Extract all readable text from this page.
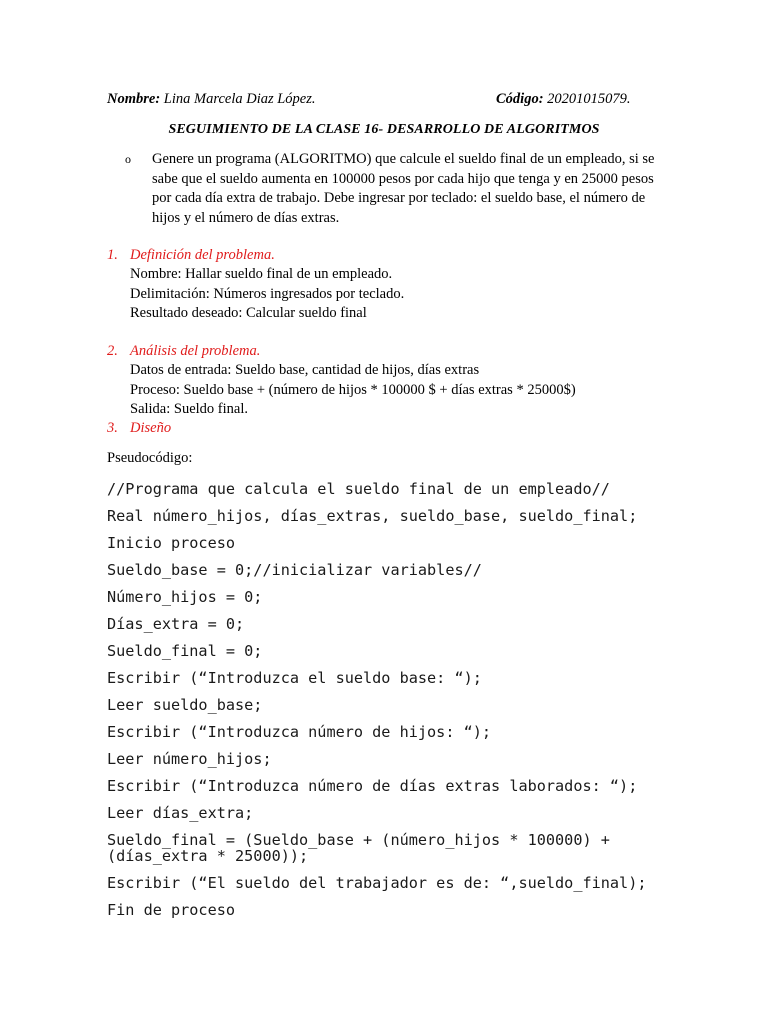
Nombre: Lina Marcela Diaz López.	Código: 20201015079.
SEGUIMIENTO DE LA CLASE 16- DESARROLLO DE ALGORITMOS
o Genere un programa (ALGORITMO) que calcule el sueldo final de un empleado, si se sabe que el sueldo aumenta en 100000 pesos por cada hijo que tenga y en 25000 pesos por cada día extra de trabajo. Debe ingresar por teclado: el sueldo base, el número de hijos y el número de días extras.
1. Definición del problema.
Nombre: Hallar sueldo final de un empleado.
Delimitación: Números ingresados por teclado.
Resultado deseado: Calcular sueldo final
2. Análisis del problema.
Datos de entrada: Sueldo base, cantidad de hijos, días extras
Proceso: Sueldo base + (número de hijos * 100000 $ + días extras * 25000$)
Salida: Sueldo final.
3. Diseño
Pseudocódigo:
//Programa que calcula el sueldo final de un empleado//
Real número_hijos, días_extras, sueldo_base, sueldo_final;
Inicio proceso
Sueldo_base = 0;//inicializar variables//
Número_hijos = 0;
Días_extra = 0;
Sueldo_final = 0;
Escribir (“Introduzca el sueldo base: “);
Leer sueldo_base;
Escribir (“Introduzca número de hijos: “);
Leer número_hijos;
Escribir (“Introduzca número de días extras laborados: “);
Leer días_extra;
Sueldo_final = (Sueldo_base + (número_hijos * 100000) +
(días_extra * 25000));
Escribir (“El sueldo del trabajador es de: “,sueldo_final);
Fin de proceso
